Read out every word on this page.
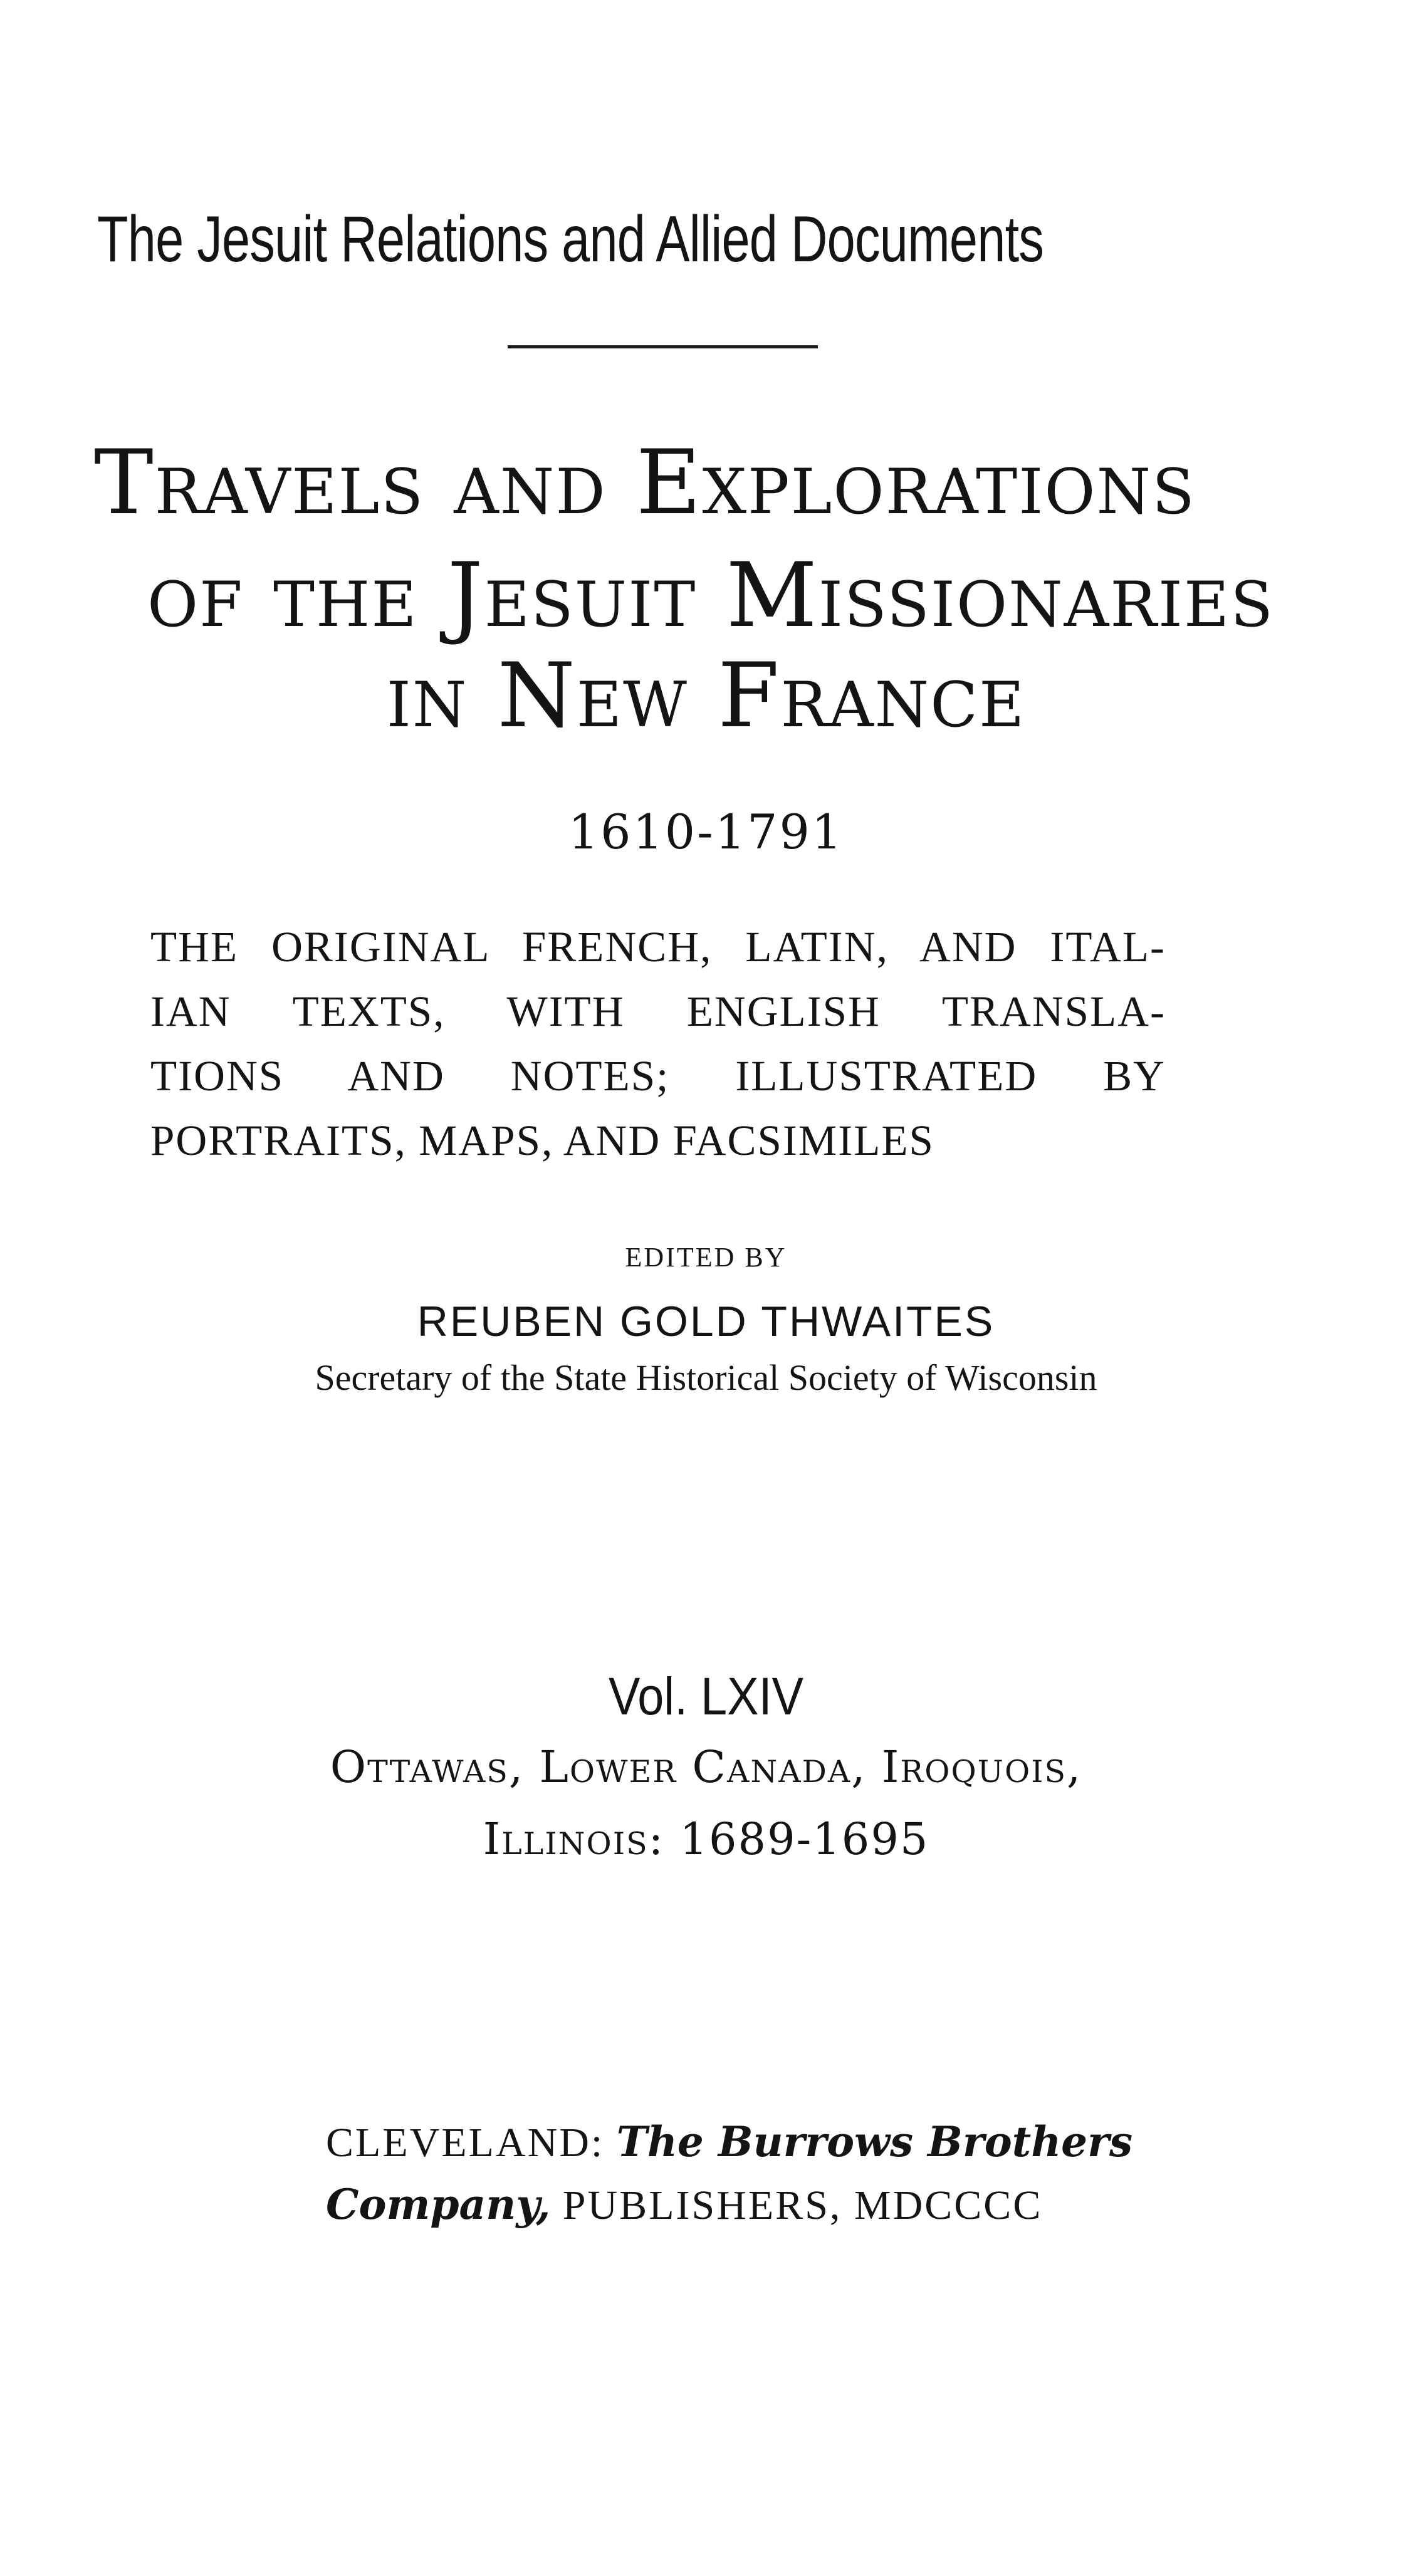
The Jesuit Relations and Allied Documents

Travels and Explorations

of the Jesuit Missionaries

in New France

1610-1791

THE ORIGINAL FRENCH, LATIN, AND ITAL-

IAN TEXTS, WITH ENGLISH TRANSLA-

TIONS AND NOTES; ILLUSTRATED BY

PORTRAITS, MAPS, AND FACSIMILES

EDITED BY

REUBEN GOLD THWAITES

Secretary of the State Historical Society of Wisconsin

Vol. LXIV

Ottawas, Lower Canada, Iroquois,

Illinois: 1689-1695

CLEVELAND: The Burrows Brothers

Company, PUBLISHERS, MDCCCC
